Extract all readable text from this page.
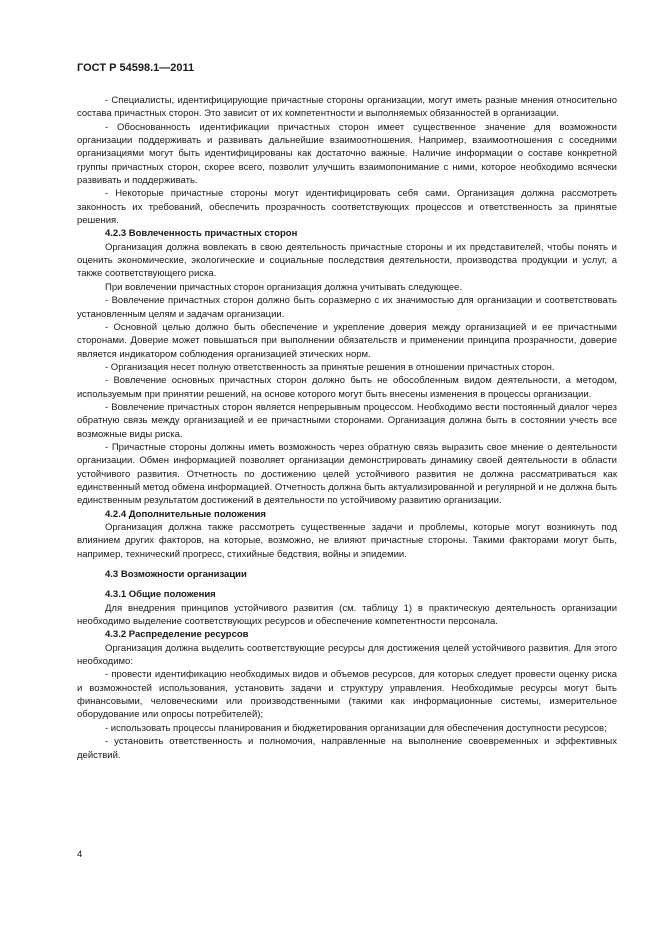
ГОСТ Р 54598.1—2011

- Специалисты, идентифицирующие причастные стороны организации, могут иметь разные мнения относительно состава причастных сторон. Это зависит от их компетентности и выполняемых обязанностей в организации.

- Обоснованность идентификации причастных сторон имеет существенное значение для возможности организации поддерживать и развивать дальнейшие взаимоотношения. Например, взаимоотношения с соседними организациями могут быть идентифицированы как достаточно важные. Наличие информации о составе конкретной группы причастных сторон, скорее всего, позволит улучшить взаимопонимание с ними, которое необходимо всячески развивать и поддерживать.

- Некоторые причастные стороны могут идентифицировать себя сами. Организация должна рассмотреть законность их требований, обеспечить прозрачность соответствующих процессов и ответственность за принятые решения.

4.2.3 Вовлеченность причастных сторон

Организация должна вовлекать в свою деятельность причастные стороны и их представителей, чтобы понять и оценить экономические, экологические и социальные последствия деятельности, производства продукции и услуг, а также соответствующего риска.

При вовлечении причастных сторон организация должна учитывать следующее.

- Вовлечение причастных сторон должно быть соразмерно с их значимостью для организации и соответствовать установленным целям и задачам организации.

- Основной целью должно быть обеспечение и укрепление доверия между организацией и ее причастными сторонами. Доверие может повышаться при выполнении обязательств и применении принципа прозрачности, доверие является индикатором соблюдения организацией этических норм.

- Организация несет полную ответственность за принятые решения в отношении причастных сторон.

- Вовлечение основных причастных сторон должно быть не обособленным видом деятельности, а методом, используемым при принятии решений, на основе которого могут быть внесены изменения в процессы организации.

- Вовлечение причастных сторон является непрерывным процессом. Необходимо вести постоянный диалог через обратную связь между организацией и ее причастными сторонами. Организация должна быть в состоянии учесть все возможные виды риска.

- Причастные стороны должны иметь возможность через обратную связь выразить свое мнение о деятельности организации. Обмен информацией позволяет организации демонстрировать динамику своей деятельности в области устойчивого развития. Отчетность по достижению целей устойчивого развития не должна рассматриваться как единственный метод обмена информацией. Отчетность должна быть актуализированной и регулярной и не должна быть единственным результатом достижений в деятельности по устойчивому развитию организации.

4.2.4 Дополнительные положения

Организация должна также рассмотреть существенные задачи и проблемы, которые могут возникнуть под влиянием других факторов, на которые, возможно, не влияют причастные стороны. Такими факторами могут быть, например, технический прогресс, стихийные бедствия, войны и эпидемии.

4.3 Возможности организации

4.3.1 Общие положения

Для внедрения принципов устойчивого развития (см. таблицу 1) в практическую деятельность организации необходимо выделение соответствующих ресурсов и обеспечение компетентности персонала.

4.3.2 Распределение ресурсов

Организация должна выделить соответствующие ресурсы для достижения целей устойчивого развития. Для этого необходимо:

- провести идентификацию необходимых видов и объемов ресурсов, для которых следует провести оценку риска и возможностей использования, установить задачи и структуру управления. Необходимые ресурсы могут быть финансовыми, человеческими или производственными (такими как информационные системы, измерительное оборудование или опросы потребителей);

- использовать процессы планирования и бюджетирования организации для обеспечения доступности ресурсов;

- установить ответственность и полномочия, направленные на выполнение своевременных и эффективных действий.

4
